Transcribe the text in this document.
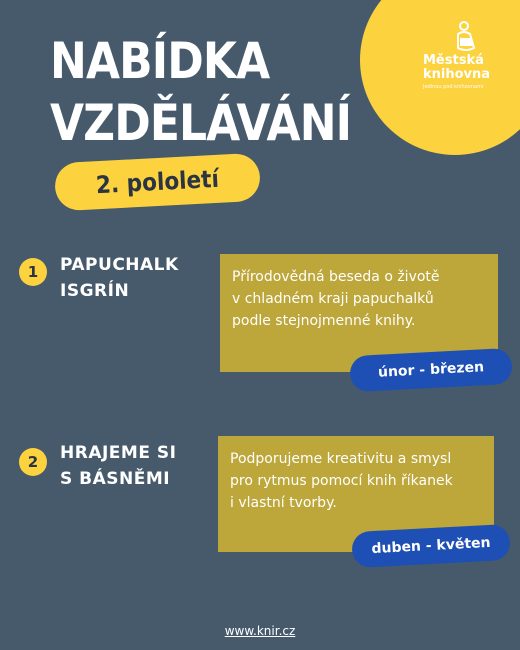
Městská
knihovna
Jedinou pod knihovnami
NABÍDKA
VZDĚLÁVÁNÍ
2. pololetí
1	PAPUCHALK
ISGRÍN
Přírodovědná beseda o životě
v chladném kraji papuchalků
podle stejnojmenné knihy.
únor - březen
2	HRAJEME SI
S BÁSNĚMI
Podporujeme kreativitu a smysl
pro rytmus pomocí knih říkanek
i vlastní tvorby.
duben - květen
www.knir.cz
